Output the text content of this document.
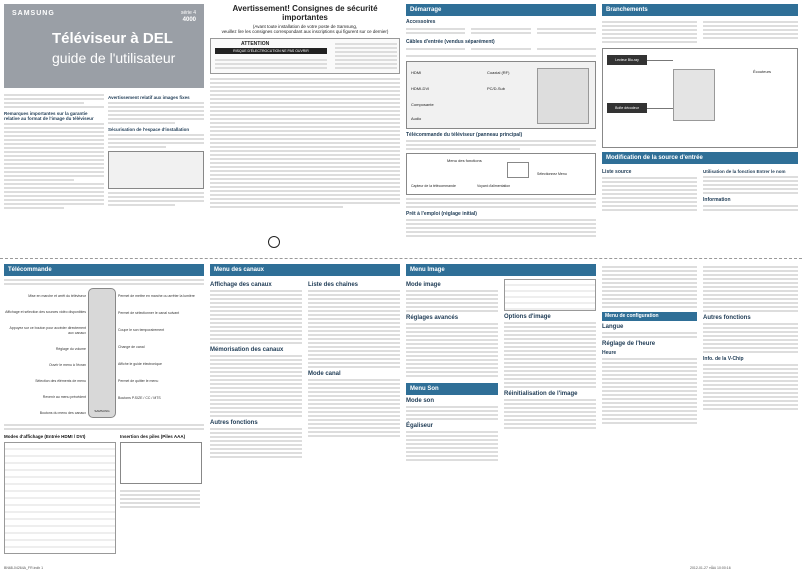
SAMSUNG	série 4
4000
Téléviseur à DEL
guide de l'utilisateur
Remarques importantes sur la garantie relative au format de l'image du téléviseur
Avertissement relatif aux images fixes
Sécurisation de l'espace d'installation
Avertissement! Consignes de sécurité importantes
(Avant toute installation de votre poste de Samsung,
veuillez lire les consignes correspondant aux inscriptions qui figurent sur ce dernier)
ATTENTION
RISQUE D'ÉLECTROCUTION NE PAS OUVRIR
Démarrage
Accessoires
Câbles d'entrée (vendus séparément)
HDMI
HDMI-DVI
Composante
Audio
Coaxial (RF)
PC/D-Sub
Télécommande du téléviseur (panneau principal)
Menu des fonctions
Capteur de la télécommande	Voyant d'alimentation
Sélectionnez Menu
Prêt à l'emploi (réglage initial)
Branchements
Lecteur Blu-ray
Boîte décodeur
Écouteurs
Modification de la source d'entrée
Liste source	Utilisation de la fonction Entrer le nom
Information
Télécommande
SAMSUNG
Mise en marche et arrêt du téléviseur
Affichage et sélection des sources vidéo disponibles
Appuyez sur ce bouton pour accéder directement aux canaux
Réglage du volume
Ouvrir le menu à l'écran
Sélection des éléments de menu
Revenir au menu précédent
Boutons du menu des canaux
Permet de mettre en marche ou arrêter la lumière
Permet de sélectionner le canal suivant
Coupe le son temporairement
Change de canal
Affiche le guide électronique
Permet de quitter le menu
Boutons P.SIZE / CC / MTS
Modes d'affichage (Entrée HDMI / DVI)	Insertion des piles (Piles AAA)
Menu des canaux
Affichage des canaux
Mémorisation des canaux
Autres fonctions
Liste des chaînes
Mode canal
Menu Image
Mode image
Réglages avancés
Menu Son
Mode son
Égaliseur
Options d'image
Réinitialisation de l'image
Menu de configuration
Langue
Réglage de l'heure
Heure
Autres fonctions
Info. de la V-Chip
BN68-04264A_FR.indb 1	2012-01-27 ¤ÌÀü 10:00:16
